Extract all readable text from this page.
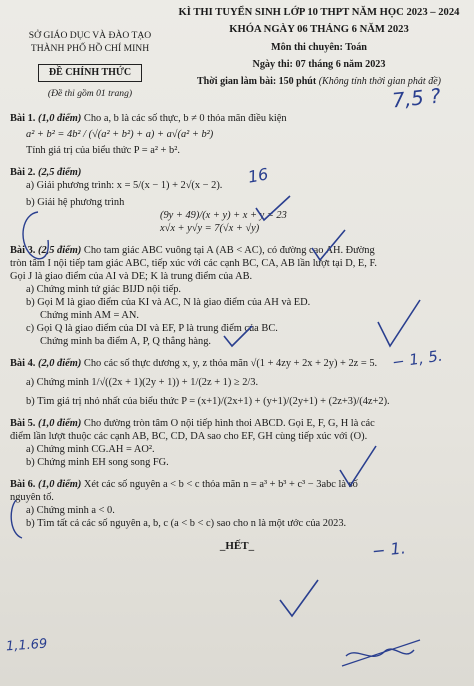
SỞ GIÁO DỤC VÀ ĐÀO TẠO
THÀNH PHỐ HỒ CHÍ MINH
ĐỀ CHÍNH THỨC
(Đề thi gồm 01 trang)
KÌ THI TUYỂN SINH LỚP 10 THPT NĂM HỌC 2023 – 2024
KHÓA NGÀY 06 THÁNG 6 NĂM 2023
Môn thi chuyên: Toán
Ngày thi: 07 tháng 6 năm 2023
Thời gian làm bài: 150 phút (Không tính thời gian phát đề)

Bài 1. (1,0 điểm) Cho a, b là các số thực, b ≠ 0 thỏa mãn điều kiện

a² + b² = 4b² / (√(a² + b²) + a) + a√(a² + b²)

Tính giá trị của biểu thức P = a² + b².

Bài 2. (2,5 điểm)

a) Giải phương trình: x = 5/(x − 1) + 2√(x − 2).

b) Giải hệ phương trình

(9y + 49)/(x + y) + x + y = 23

x√x + y√y = 7(√x + √y)

Bài 3. (2,5 điểm) Cho tam giác ABC vuông tại A (AB < AC), có đường cao AH. Đường

tròn tâm I nội tiếp tam giác ABC, tiếp xúc với các cạnh BC, CA, AB lần lượt tại D, E, F.

Gọi J là giao điểm của AI và DE; K là trung điểm của AB.

a) Chứng minh tứ giác BIJD nội tiếp.

b) Gọi M là giao điểm của KI và AC, N là giao điểm của AH và ED.

Chứng minh AM = AN.

c) Gọi Q là giao điểm của DI và EF, P là trung điểm của BC.

Chứng minh ba điểm A, P, Q thẳng hàng.

Bài 4. (2,0 điểm) Cho các số thực dương x, y, z thỏa mãn √(1 + 4zy + 2x + 2y) + 2z = 5.

a) Chứng minh 1/√((2x + 1)(2y + 1)) + 1/(2z + 1) ≥ 2/3.

b) Tìm giá trị nhỏ nhất của biểu thức P = (x+1)/(2x+1) + (y+1)/(2y+1) + (2z+3)/(4z+2).

Bài 5. (1,0 điểm) Cho đường tròn tâm O nội tiếp hình thoi ABCD. Gọi E, F, G, H là các

điểm lần lượt thuộc các cạnh AB, BC, CD, DA sao cho EF, GH cùng tiếp xúc với (O).

a) Chứng minh CG.AH = AO².

b) Chứng minh EH song song FG.

Bài 6. (1,0 điểm) Xét các số nguyên a < b < c thỏa mãn n = a³ + b³ + c³ − 3abc là số

nguyên tố.

a) Chứng minh a < 0.

b) Tìm tất cả các số nguyên a, b, c (a < b < c) sao cho n là một ước của 2023.

_HẾT_
7,5 ?
16
− 1, 5.
− 1.
1,1.69
